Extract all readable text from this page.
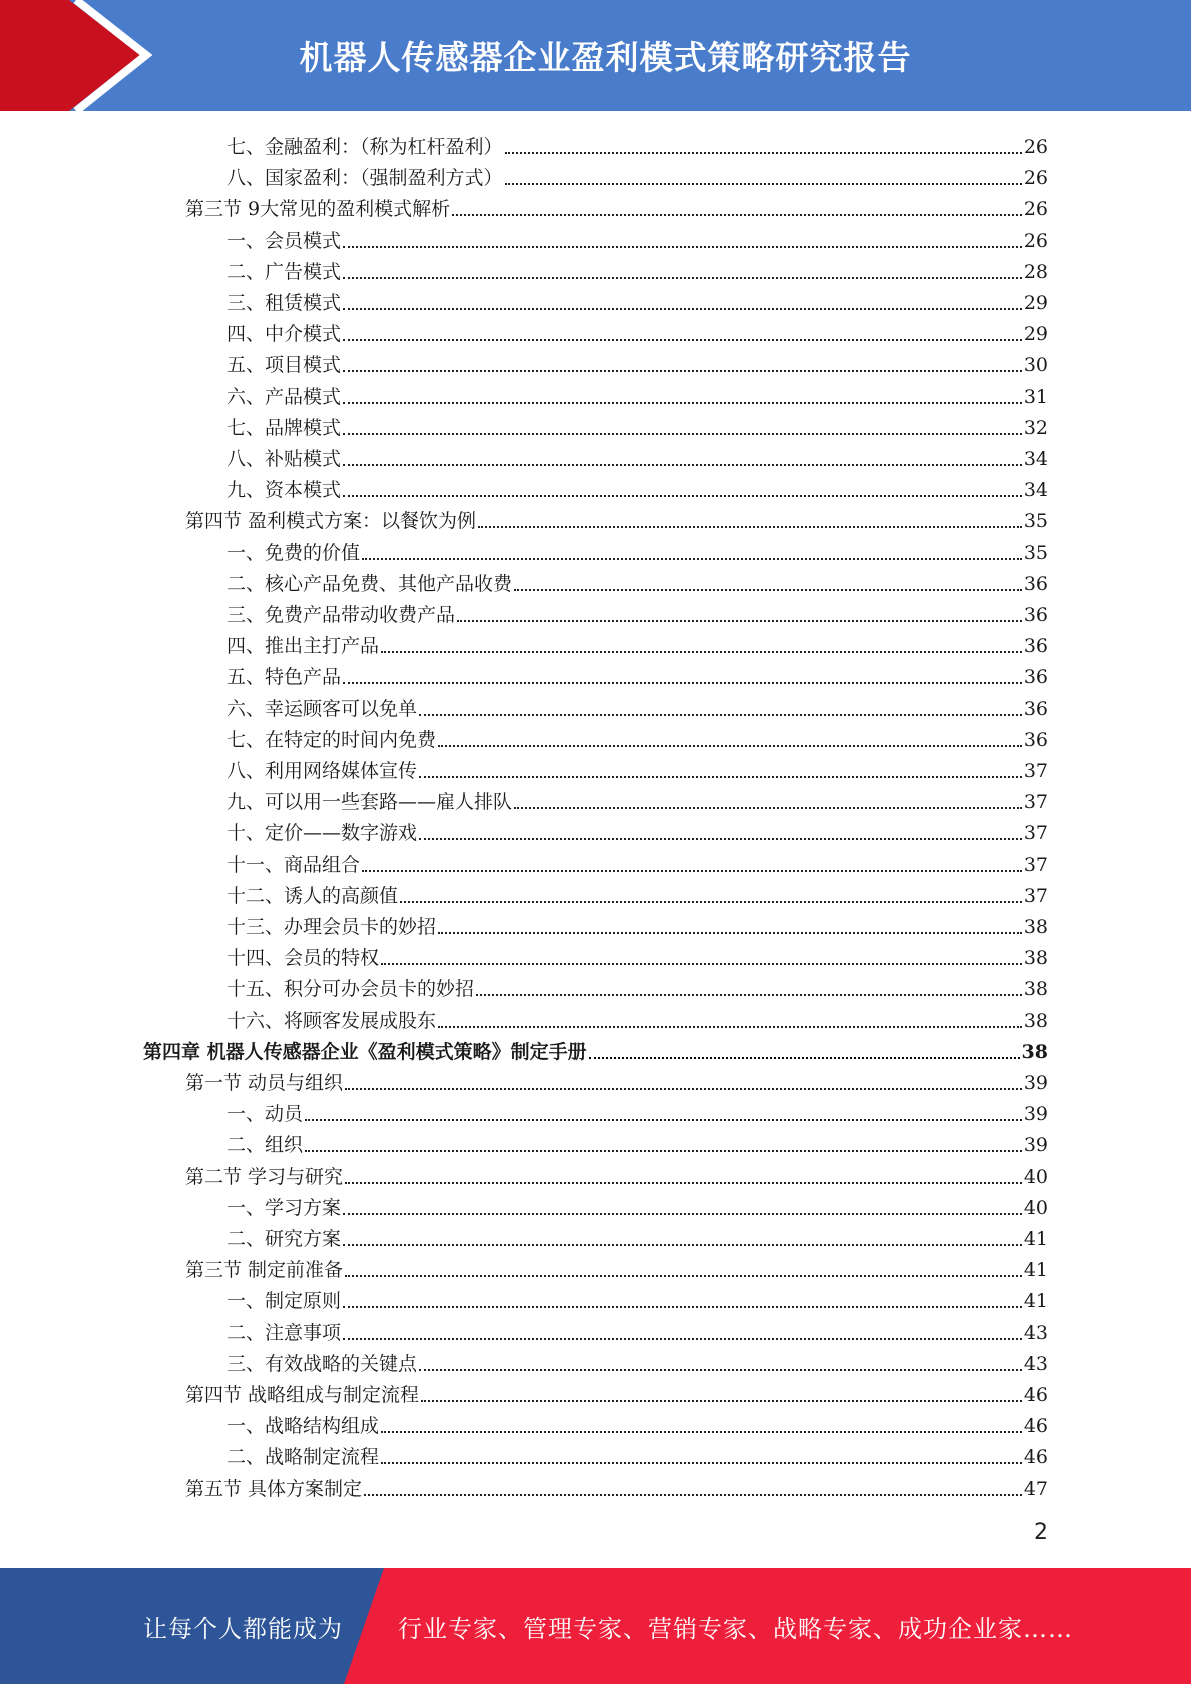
机器人传感器企业盈利模式策略研究报告
七、金融盈利：（称为杠杆盈利）	26
八、国家盈利：（强制盈利方式）	26
第三节 9大常见的盈利模式解析	26
一、会员模式	26
二、广告模式	28
三、租赁模式	29
四、中介模式	29
五、项目模式	30
六、产品模式	31
七、品牌模式	32
八、补贴模式	34
九、资本模式	34
第四节 盈利模式方案：以餐饮为例	35
一、免费的价值	35
二、核心产品免费、其他产品收费	36
三、免费产品带动收费产品	36
四、推出主打产品	36
五、特色产品	36
六、幸运顾客可以免单	36
七、在特定的时间内免费	36
八、利用网络媒体宣传	37
九、可以用一些套路——雇人排队	37
十、定价——数字游戏	37
十一、商品组合	37
十二、诱人的高颜值	37
十三、办理会员卡的妙招	38
十四、会员的特权	38
十五、积分可办会员卡的妙招	38
十六、将顾客发展成股东	38
第四章 机器人传感器企业《盈利模式策略》制定手册	38
第一节 动员与组织	39
一、动员	39
二、组织	39
第二节 学习与研究	40
一、学习方案	40
二、研究方案	41
第三节 制定前准备	41
一、制定原则	41
二、注意事项	43
三、有效战略的关键点	43
第四节 战略组成与制定流程	46
一、战略结构组成	46
二、战略制定流程	46
第五节 具体方案制定	47
2
让每个人都能成为 行业专家、管理专家、营销专家、战略专家、成功企业家……
